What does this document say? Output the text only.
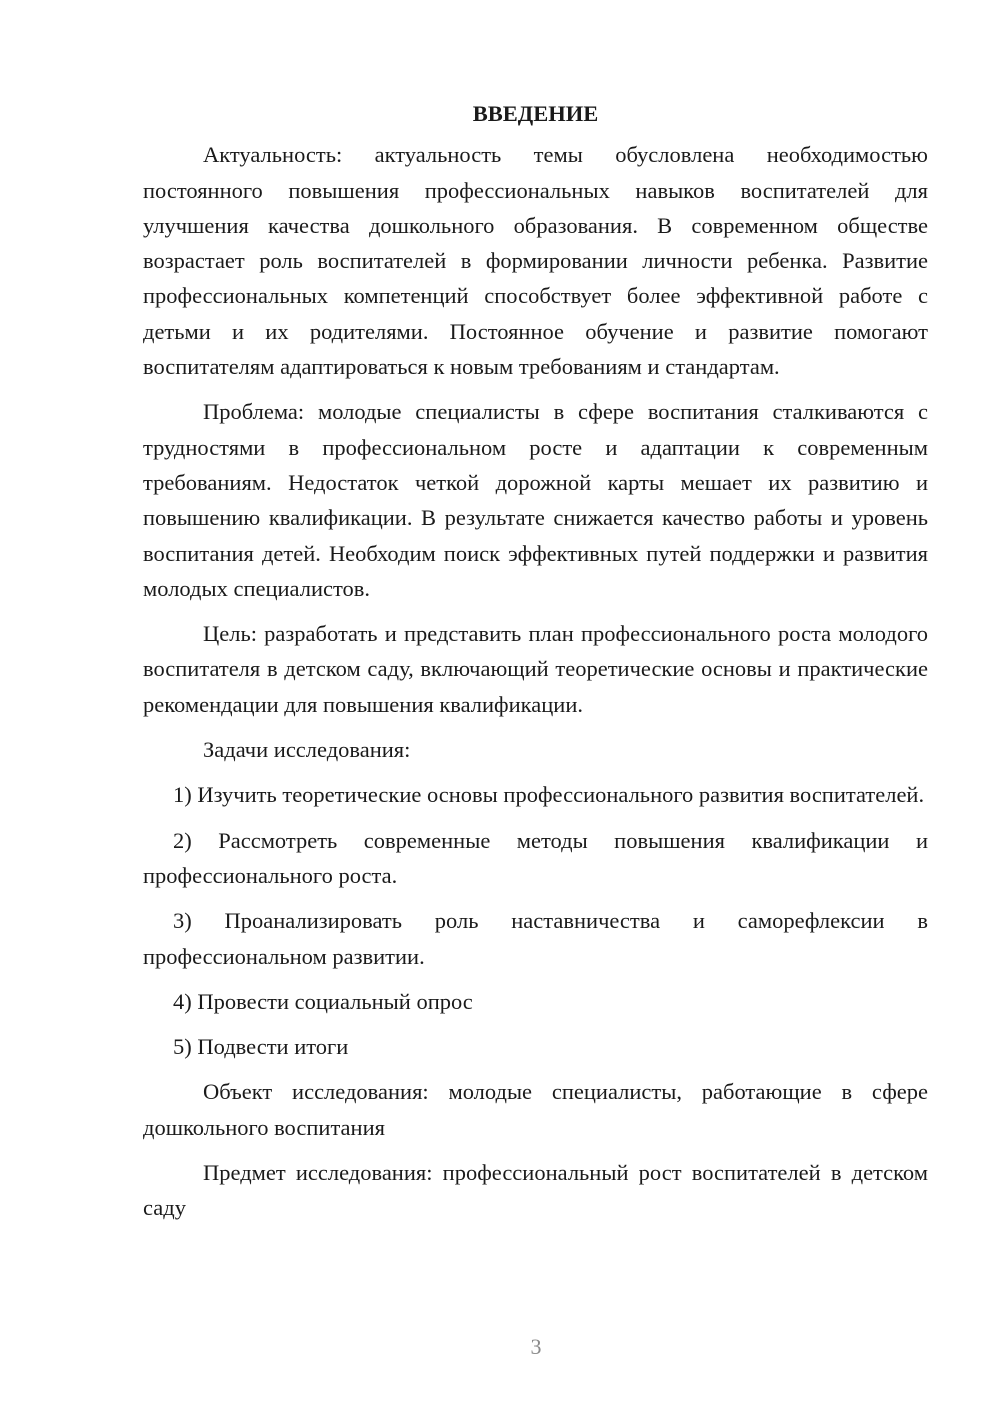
ВВЕДЕНИЕ

Актуальность: актуальность темы обусловлена необходимостью постоянного повышения профессиональных навыков воспитателей для улучшения качества дошкольного образования. В современном обществе возрастает роль воспитателей в формировании личности ребенка. Развитие профессиональных компетенций способствует более эффективной работе с детьми и их родителями. Постоянное обучение и развитие помогают воспитателям адаптироваться к новым требованиям и стандартам.

Проблема: молодые специалисты в сфере воспитания сталкиваются с трудностями в профессиональном росте и адаптации к современным требованиям. Недостаток четкой дорожной карты мешает их развитию и повышению квалификации. В результате снижается качество работы и уровень воспитания детей. Необходим поиск эффективных путей поддержки и развития молодых специалистов.

Цель: разработать и представить план профессионального роста молодого воспитателя в детском саду, включающий теоретические основы и практические рекомендации для повышения квалификации.

Задачи исследования:

1) Изучить теоретические основы профессионального развития воспитателей.

2) Рассмотреть современные методы повышения квалификации и профессионального роста.

3) Проанализировать роль наставничества и саморефлексии в профессиональном развитии.

4) Провести социальный опрос

5) Подвести итоги

Объект исследования: молодые специалисты, работающие в сфере дошкольного воспитания

Предмет исследования: профессиональный рост воспитателей в детском саду

3
